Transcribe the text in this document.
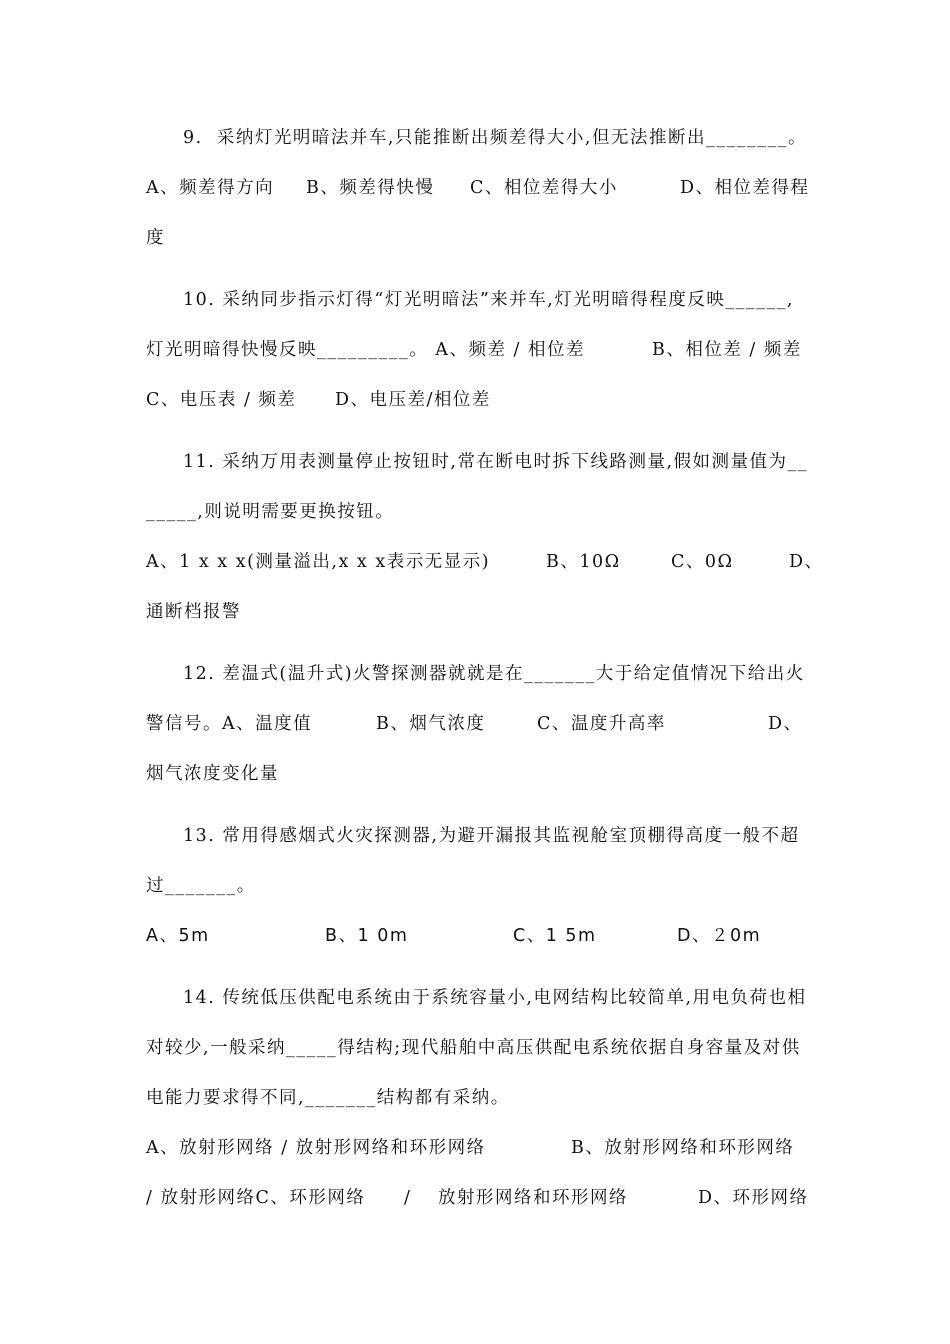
9.  采纳灯光明暗法并车,只能推断出频差得大小,但无法推断出________。
A、频差得方向 B、频差得快慢 C、相位差得大小	D、相位差得程
度
10. 采纳同步指示灯得“灯光明暗法”来并车,灯光明暗得程度反映______,
灯光明暗得快慢反映_________。 A、频差 / 相位差	B、相位差 / 频差
C、电压表 / 频差 D、电压差/相位差
11. 采纳万用表测量停止按钮时,常在断电时拆下线路测量,假如测量值为__
_____,则说明需要更换按钮。
A、1 x x x(测量溢出,x x x表示无显示)	B、10Ω	C、0Ω	D、
通断档报警
12. 差温式(温升式)火警探测器就就是在_______大于给定值情况下给出火
警信号。A、温度值	B、烟气浓度	C、温度升高率	D、
烟气浓度变化量
13. 常用得感烟式火灾探测器,为避开漏报其监视舱室顶棚得高度一般不超
过_______。
A、5m	B、1 0m	C、1 5m	D、２0m
14. 传统低压供配电系统由于系统容量小,电网结构比较简单,用电负荷也相
对较少,一般采纳_____得结构;现代船舶中高压供配电系统依据自身容量及对供
电能力要求得不同,_______结构都有采纳。
A、放射形网络 / 放射形网络和环形网络	B、放射形网络和环形网络
/ 放射形网络C、环形网络 / 放射形网络和环形网络	D、环形网络
